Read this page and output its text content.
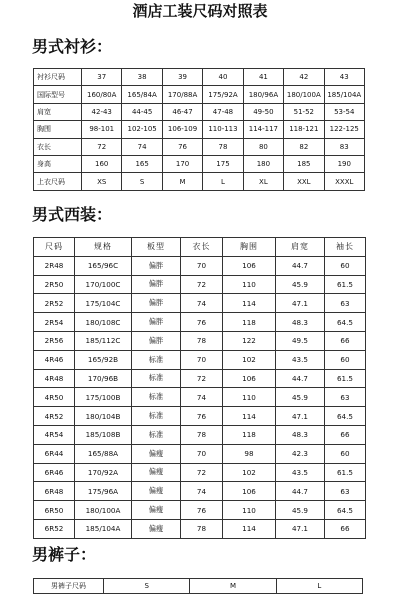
酒店工装尺码对照表
男式衬衫：
衬衫尺码	37	38	39	40	41	42	43
国际型号	160/80A	165/84A	170/88A	175/92A	180/96A	180/100A	185/104A
肩宽	42-43	44-45	46-47	47-48	49-50	51-52	53-54
胸围	98-101	102-105	106-109	110-113	114-117	118-121	122-125
衣长	72	74	76	78	80	82	83
身高	160	165	170	175	180	185	190
上衣尺码	XS	S	M	L	XL	XXL	XXXL
男式西装：
尺码	规格	板型	衣长	胸围	肩宽	袖长
2R48	165/96C	偏胖	70	106	44.7	60
2R50	170/100C	偏胖	72	110	45.9	61.5
2R52	175/104C	偏胖	74	114	47.1	63
2R54	180/108C	偏胖	76	118	48.3	64.5
2R56	185/112C	偏胖	78	122	49.5	66
4R46	165/92B	标准	70	102	43.5	60
4R48	170/96B	标准	72	106	44.7	61.5
4R50	175/100B	标准	74	110	45.9	63
4R52	180/104B	标准	76	114	47.1	64.5
4R54	185/108B	标准	78	118	48.3	66
6R44	165/88A	偏瘦	70	98	42.3	60
6R46	170/92A	偏瘦	72	102	43.5	61.5
6R48	175/96A	偏瘦	74	106	44.7	63
6R50	180/100A	偏瘦	76	110	45.9	64.5
6R52	185/104A	偏瘦	78	114	47.1	66
男裤子：
男裤子尺码	S	M	L
